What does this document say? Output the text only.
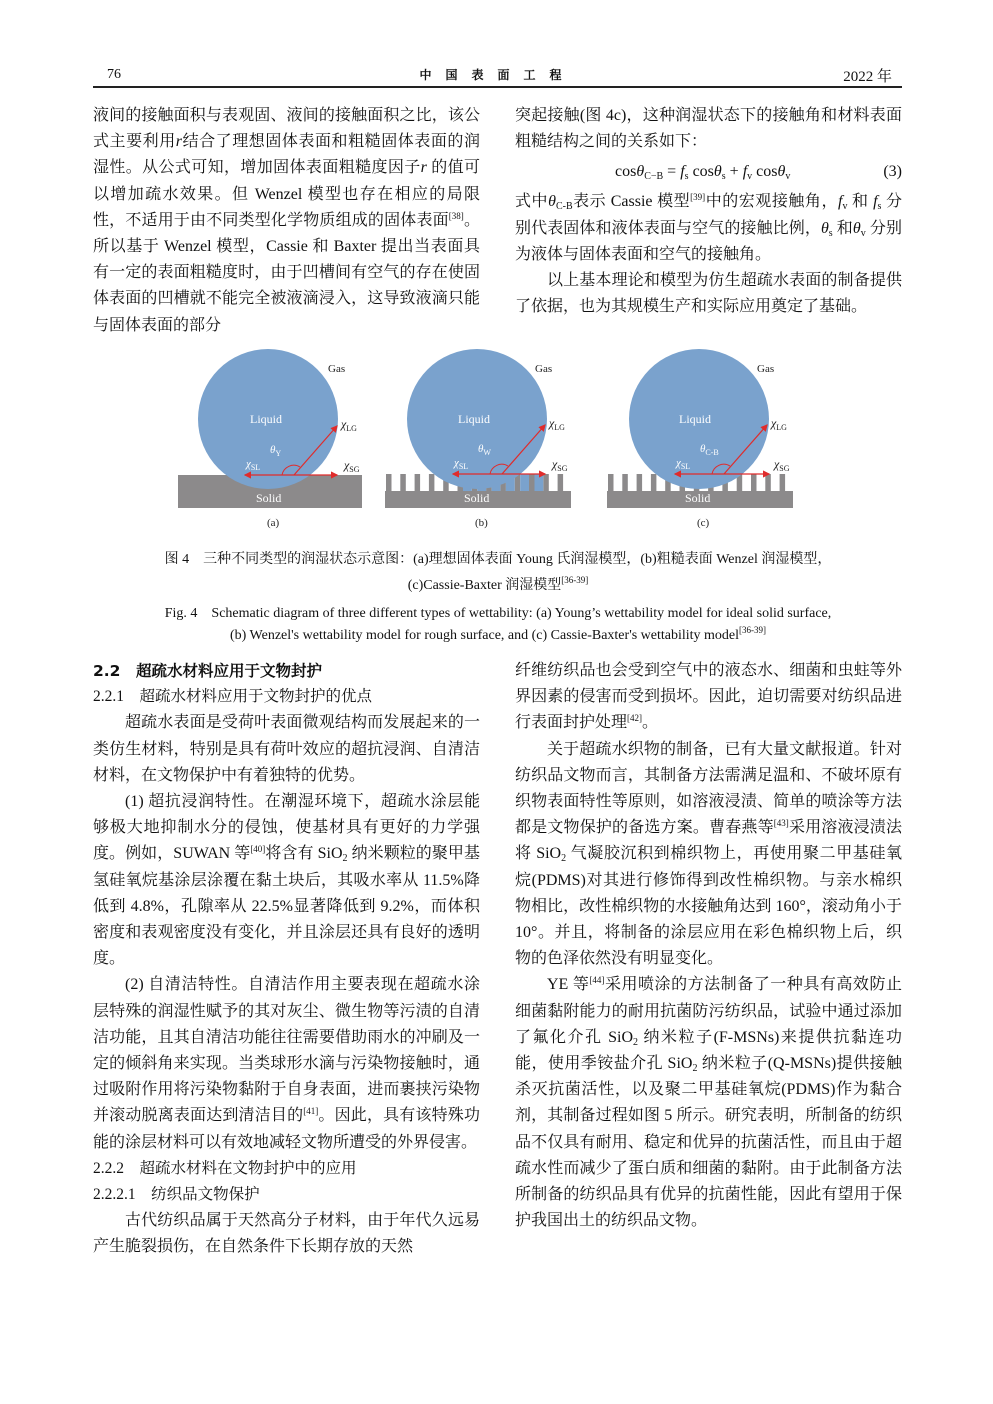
76	中国表面工程	2022 年

液间的接触面积与表观固、液间的接触面积之比，该公式主要利用r结合了理想固体表面和粗糙固体表面的润湿性。从公式可知，增加固体表面粗糙度因子r 的值可以增加疏水效果。但 Wenzel 模型也存在相应的局限性，不适用于由不同类型化学物质组成的固体表面[38]。所以基于 Wenzel 模型，Cassie 和 Baxter 提出当表面具有一定的表面粗糙度时，由于凹槽间有空气的存在使固体表面的凹槽就不能完全被液滴浸入，这导致液滴只能与固体表面的部分

突起接触(图 4c)，这种润湿状态下的接触角和材料表面粗糙结构之间的关系如下：

$\cos\theta_{C-B} = f_s$ $\cos\theta_s + f_v$ cosθ$_v$	(3)

式中$\theta_{C-B}$表示 Cassie 模型[39]中的宏观接触角，$f_v$ 和 $f_s$ 分别代表固体和液体表面与空气的接触比例，$\theta_s$ 和$\theta_v$ 分别为液体与固体表面和空气的接触角。

以上基本理论和模型为仿生超疏水表面的制备提供了依据，也为其规模生产和实际应用奠定了基础。

Liquid
Gas
Solid
$\theta_Y$
$\chi_{LG}$
$\chi_{SL}$	$\chi_{SG}$
(a)
Liquid
Gas
Solid
$\theta_W$
$\chi_{LG}$
$\chi_{SL}$	$\chi_{SG}$
(b)
Liquid
Gas
Solid
$\theta_{C-B}$
$\chi_{LG}$
$\chi_{SL}$	$\chi_{SG}$
(c)
图 4　三种不同类型的润湿状态示意图：(a)理想固体表面 Young 氏润湿模型，(b)粗糙表面 Wenzel 润湿模型，
(c)Cassie-Baxter 润湿模型[36-39]
Fig. 4　Schematic diagram of three different types of wettability: (a) Young’s wettability model for ideal solid surface,
(b) Wenzel's wettability model for rough surface, and (c) Cassie-Baxter's wettability model[36-39]

2.2　超疏水材料应用于文物封护

2.2.1　超疏水材料应用于文物封护的优点

超疏水表面是受荷叶表面微观结构而发展起来的一类仿生材料，特别是具有荷叶效应的超抗浸润、自清洁材料，在文物保护中有着独特的优势。

(1) 超抗浸润特性。在潮湿环境下，超疏水涂层能够极大地抑制水分的侵蚀，使基材具有更好的力学强度。例如，SUWAN 等[40]将含有 SiO$_2$ 纳米颗粒的聚甲基氢硅氧烷基涂层涂覆在黏土块后，其吸水率从 11.5%降低到 4.8%，孔隙率从 22.5%显著降低到 9.2%，而体积密度和表观密度没有变化，并且涂层还具有良好的透明度。

(2) 自清洁特性。自清洁作用主要表现在超疏水涂层特殊的润湿性赋予的其对灰尘、微生物等污渍的自清洁功能，且其自清洁功能往往需要借助雨水的冲刷及一定的倾斜角来实现。当类球形水滴与污染物接触时，通过吸附作用将污染物黏附于自身表面，进而裹挟污染物并滚动脱离表面达到清洁目的[41]。因此，具有该特殊功能的涂层材料可以有效地减轻文物所遭受的外界侵害。

2.2.2　超疏水材料在文物封护中的应用

2.2.2.1　纺织品文物保护

古代纺织品属于天然高分子材料，由于年代久远易产生脆裂损伤，在自然条件下长期存放的天然

纤维纺织品也会受到空气中的液态水、细菌和虫蛀等外界因素的侵害而受到损坏。因此，迫切需要对纺织品进行表面封护处理[42]。

关于超疏水织物的制备，已有大量文献报道。针对纺织品文物而言，其制备方法需满足温和、不破坏原有织物表面特性等原则，如溶液浸渍、简单的喷涂等方法都是文物保护的备选方案。曹春燕等[43]采用溶液浸渍法将 SiO$_2$ 气凝胶沉积到棉织物上，再使用聚二甲基硅氧烷(PDMS)对其进行修饰得到改性棉织物。与亲水棉织物相比，改性棉织物的水接触角达到 160°，滚动角小于 10°。并且，将制备的涂层应用在彩色棉织物上后，织物的色泽依然没有明显变化。

YE 等[44]采用喷涂的方法制备了一种具有高效防止细菌黏附能力的耐用抗菌防污纺织品，试验中通过添加了氟化介孔 SiO$_2$ 纳米粒子(F-MSNs)来提供抗黏连功能，使用季铵盐介孔 SiO$_2$ 纳米粒子(Q-MSNs)提供接触杀灭抗菌活性，以及聚二甲基硅氧烷(PDMS)作为黏合剂，其制备过程如图 5 所示。研究表明，所制备的纺织品不仅具有耐用、稳定和优异的抗菌活性，而且由于超疏水性而减少了蛋白质和细菌的黏附。由于此制备方法所制备的纺织品具有优异的抗菌性能，因此有望用于保护我国出土的纺织品文物。
